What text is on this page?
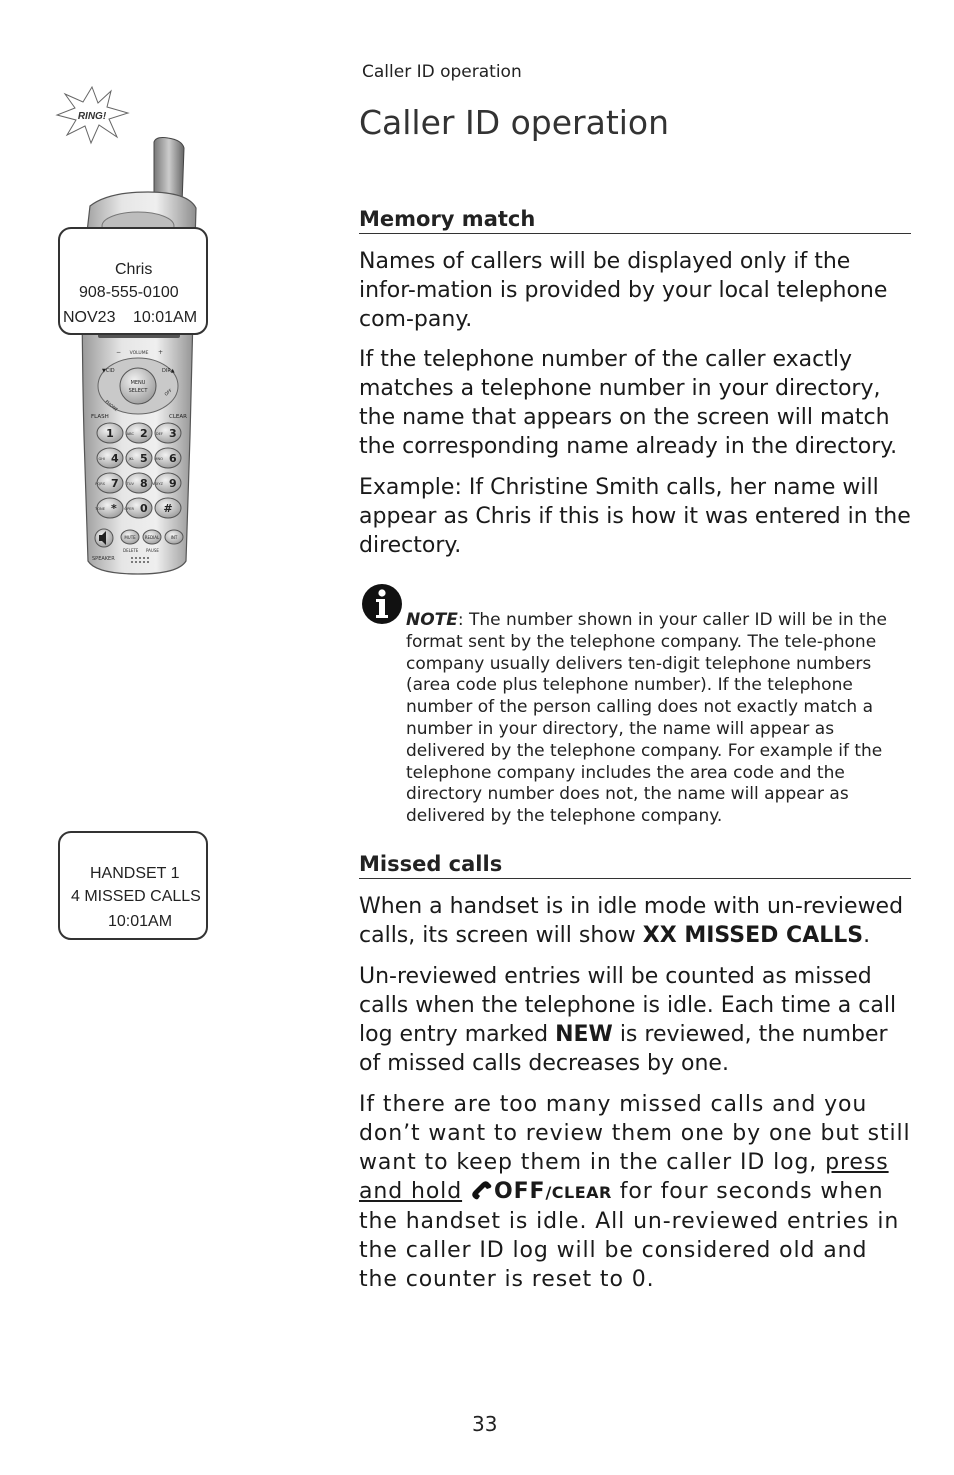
Caller ID operation
Caller ID operation
RING!
− VOLUME +
MENU
SELECT
▼CID	DIR▲
PHONE
OFF
FLASH	CLEAR
1	ABC 2 DEF 3
GHI 4	JKL 5 MNO 6
PQRS 7 TUV 8 WXYZ 9
TONE * OPER 0 #
MUTE REDIAL	INT
DELETE PAUSE
SPEAKER
Chris
908-555-0100
NOV23 10:01AM
HANDSET 1
4 MISSED CALLS
10:01AM
Memory match

Names of callers will be displayed only if the infor-mation is provided by your local telephone com-pany.

If the telephone number of the caller exactly matches a telephone number in your directory, the name that appears on the screen will match the corresponding name already in the directory.

Example: If Christine Smith calls, her name will appear as Chris if this is how it was entered in the directory.

NOTE: The number shown in your caller ID will be in the format sent by the telephone company. The tele-phone company usually delivers ten-digit telephone numbers (area code plus telephone number). If the telephone number of the person calling does not exactly match a number in your directory, the name will appear as delivered by the telephone company. For example if the telephone company includes the area code and the directory number does not, the name will appear as delivered by the telephone company.

Missed calls

When a handset is in idle mode with un-reviewed calls, its screen will show XX MISSED CALLS.

Un-reviewed entries will be counted as missed calls when the telephone is idle. Each time a call log entry marked NEW is reviewed, the number of missed calls decreases by one.

If there are too many missed calls and you don’t want to review them one by one but still want to keep them in the caller ID log, press and hold OFF/CLEAR for four seconds when the handset is idle. All un-reviewed entries in the caller ID log will be considered old and the counter is reset to 0.

33
